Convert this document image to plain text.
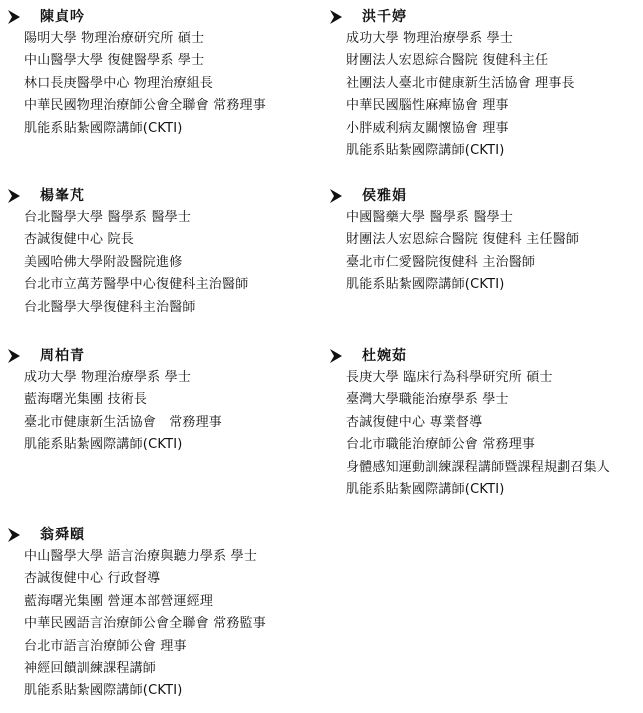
陳貞吟
陽明大學 物理治療研究所 碩士
中山醫學大學 復健醫學系 學士
林口長庚醫學中心 物理治療組長
中華民國物理治療師公會全聯會 常務理事
肌能系貼紮國際講師(CKTI)
洪千婷
成功大學 物理治療學系 學士
財團法人宏恩綜合醫院 復健科主任
社團法人臺北市健康新生活協會 理事長
中華民國腦性麻痺協會 理事
小胖威利病友關懷協會 理事
肌能系貼紮國際講師(CKTI)
楊峯芃
台北醫學大學 醫學系 醫學士
杏誠復健中心 院長
美國哈佛大學附設醫院進修
台北市立萬芳醫學中心復健科主治醫師
台北醫學大學復健科主治醫師
侯雅娟
中國醫藥大學 醫學系 醫學士
財團法人宏恩綜合醫院 復健科 主任醫師
臺北市仁愛醫院復健科 主治醫師
肌能系貼紮國際講師(CKTI)
周柏青
成功大學 物理治療學系 學士
藍海曙光集團 技術長
臺北市健康新生活協會　常務理事
肌能系貼紮國際講師(CKTI)
杜婉茹
長庚大學 臨床行為科學研究所 碩士
臺灣大學職能治療學系 學士
杏誠復健中心 專業督導
台北市職能治療師公會 常務理事
身體感知運動訓練課程講師暨課程規劃召集人
肌能系貼紮國際講師(CKTI)
翁舜頤
中山醫學大學 語言治療與聽力學系 學士
杏誠復健中心 行政督導
藍海曙光集團 營運本部營運經理
中華民國語言治療師公會全聯會 常務監事
台北市語言治療師公會 理事
神經回饋訓練課程講師
肌能系貼紮國際講師(CKTI)
